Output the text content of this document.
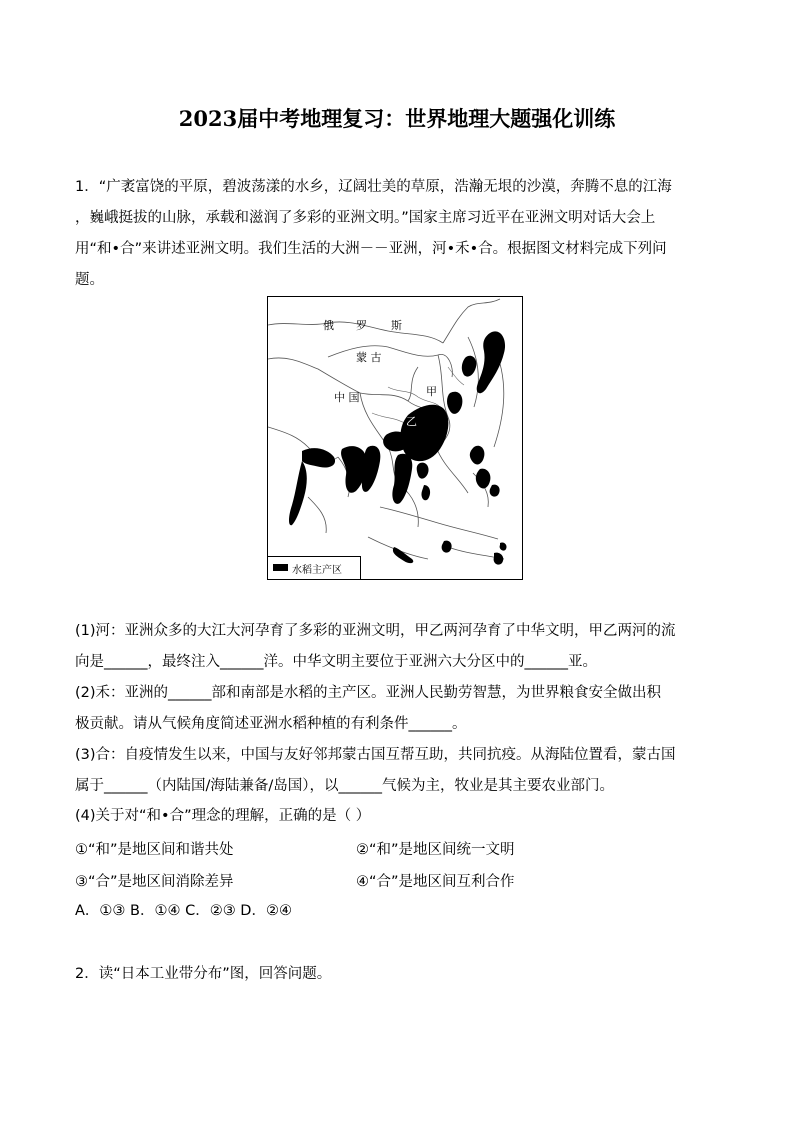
2023届中考地理复习：世界地理大题强化训练
1．“广袤富饶的平原，碧波荡漾的水乡，辽阔壮美的草原，浩瀚无垠的沙漠，奔腾不息的江海
，巍峨挺拔的山脉，承载和滋润了多彩的亚洲文明。”国家主席习近平在亚洲文明对话大会上
用“和•合”来讲述亚洲文明。我们生活的大洲－－亚洲，河•禾•合。根据图文材料完成下列问
题。
俄 罗 斯
蒙 古
中 国	甲
乙
水稻主产区
(1)河：亚洲众多的大江大河孕育了多彩的亚洲文明，甲乙两河孕育了中华文明，甲乙两河的流
向是______，最终注入______洋。中华文明主要位于亚洲六大分区中的______亚。
(2)禾：亚洲的______部和南部是水稻的主产区。亚洲人民勤劳智慧，为世界粮食安全做出积
极贡献。请从气候角度简述亚洲水稻种植的有利条件______。
(3)合：自疫情发生以来，中国与友好邻邦蒙古国互帮互助，共同抗疫。从海陆位置看，蒙古国
属于______（内陆国/海陆兼备/岛国），以______气候为主，牧业是其主要农业部门。
(4)关于对“和•合”理念的理解，正确的是（ ）
①“和”是地区间和谐共处	②“和”是地区间统一文明
③“合”是地区间消除差异	④“合”是地区间互利合作
A．①③ B．①④ C．②③ D．②④
2．读“日本工业带分布”图，回答问题。
